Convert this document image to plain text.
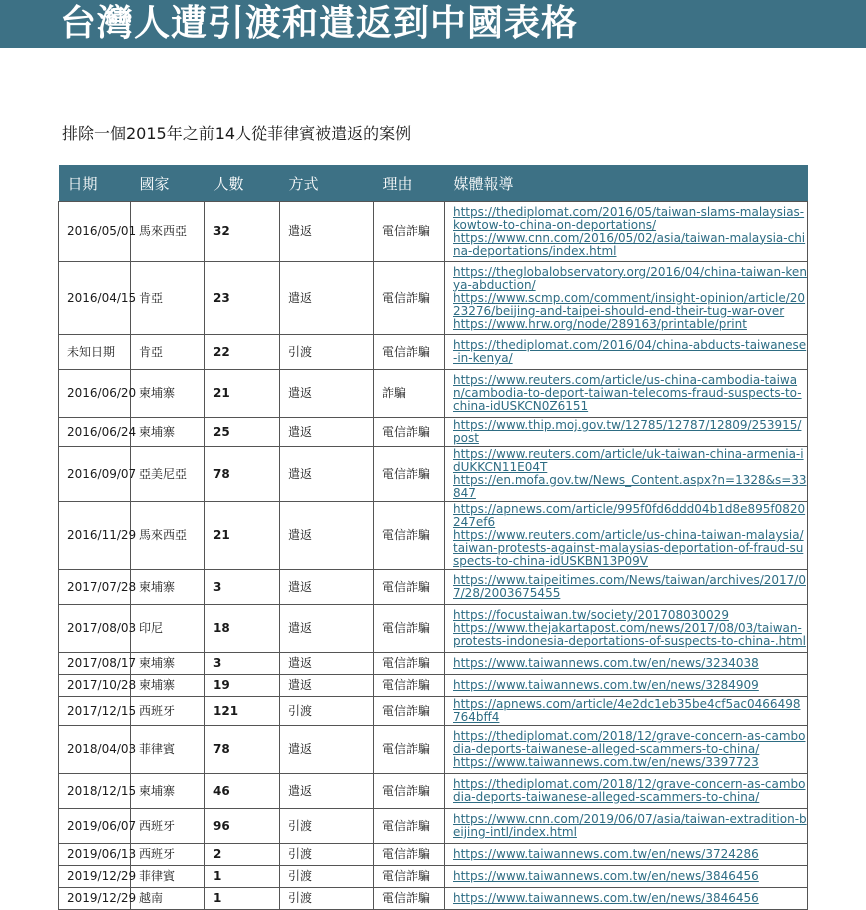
台灣人遭引渡和遣返到中國表格
排除一個2015年之前14人從菲律賓被遣返的案例
日期	國家	人數	方式	理由	媒體報導
2016/05/01	馬來西亞	32	遣返	電信詐騙	https://thediplomat.com/2016/05/taiwan-slams-malaysias-kowtow-to-china-on-deportations/
https://www.cnn.com/2016/05/02/asia/taiwan-malaysia-china-deportations/index.html

2016/04/15	肯亞	23	遣返	電信詐騙	https://theglobalobservatory.org/2016/04/china-taiwan-kenya-abduction/
https://www.scmp.com/comment/insight-opinion/article/2023276/beijing-and-taipei-should-end-their-tug-war-over
https://www.hrw.org/node/289163/printable/print

未知日期	肯亞	22	引渡	電信詐騙	https://thediplomat.com/2016/04/china-abducts-taiwanese-in-kenya/

2016/06/20	柬埔寨	21	遣返	詐騙	https://www.reuters.com/article/us-china-cambodia-taiwan/cambodia-to-deport-taiwan-telecoms-fraud-suspects-to-china-idUSKCN0Z6151

2016/06/24	柬埔寨	25	遣返	電信詐騙	https://www.thip.moj.gov.tw/12785/12787/12809/253915/post

2016/09/07	亞美尼亞	78	遣返	電信詐騙	https://www.reuters.com/article/uk-taiwan-china-armenia-idUKKCN11E04T
https://en.mofa.gov.tw/News_Content.aspx?n=1328&s=33847

2016/11/29	馬來西亞	21	遣返	電信詐騙	https://apnews.com/article/995f0fd6ddd04b1d8e895f0820247ef6
https://www.reuters.com/article/us-china-taiwan-malaysia/taiwan-protests-against-malaysias-deportation-of-fraud-suspects-to-china-idUSKBN13P09V

2017/07/28	柬埔寨	3	遣返	電信詐騙	https://www.taipeitimes.com/News/taiwan/archives/2017/07/28/2003675455

2017/08/03	印尼	18	遣返	電信詐騙	https://focustaiwan.tw/society/201708030029
https://www.thejakartapost.com/news/2017/08/03/taiwan-protests-indonesia-deportations-of-suspects-to-china-.html

2017/08/17	柬埔寨	3	遣返	電信詐騙	https://www.taiwannews.com.tw/en/news/3234038

2017/10/28	柬埔寨	19	遣返	電信詐騙	https://www.taiwannews.com.tw/en/news/3284909

2017/12/15	西班牙	121	引渡	電信詐騙	https://apnews.com/article/4e2dc1eb35be4cf5ac0466498764bff4

2018/04/03	菲律賓	78	遣返	電信詐騙	https://thediplomat.com/2018/12/grave-concern-as-cambodia-deports-taiwanese-alleged-scammers-to-china/
https://www.taiwannews.com.tw/en/news/3397723

2018/12/15	柬埔寨	46	遣返	電信詐騙	https://thediplomat.com/2018/12/grave-concern-as-cambodia-deports-taiwanese-alleged-scammers-to-china/

2019/06/07	西班牙	96	引渡	電信詐騙	https://www.cnn.com/2019/06/07/asia/taiwan-extradition-beijing-intl/index.html

2019/06/13	西班牙	2	引渡	電信詐騙	https://www.taiwannews.com.tw/en/news/3724286

2019/12/29	菲律賓	1	引渡	電信詐騙	https://www.taiwannews.com.tw/en/news/3846456

2019/12/29	越南	1	引渡	電信詐騙	https://www.taiwannews.com.tw/en/news/3846456
